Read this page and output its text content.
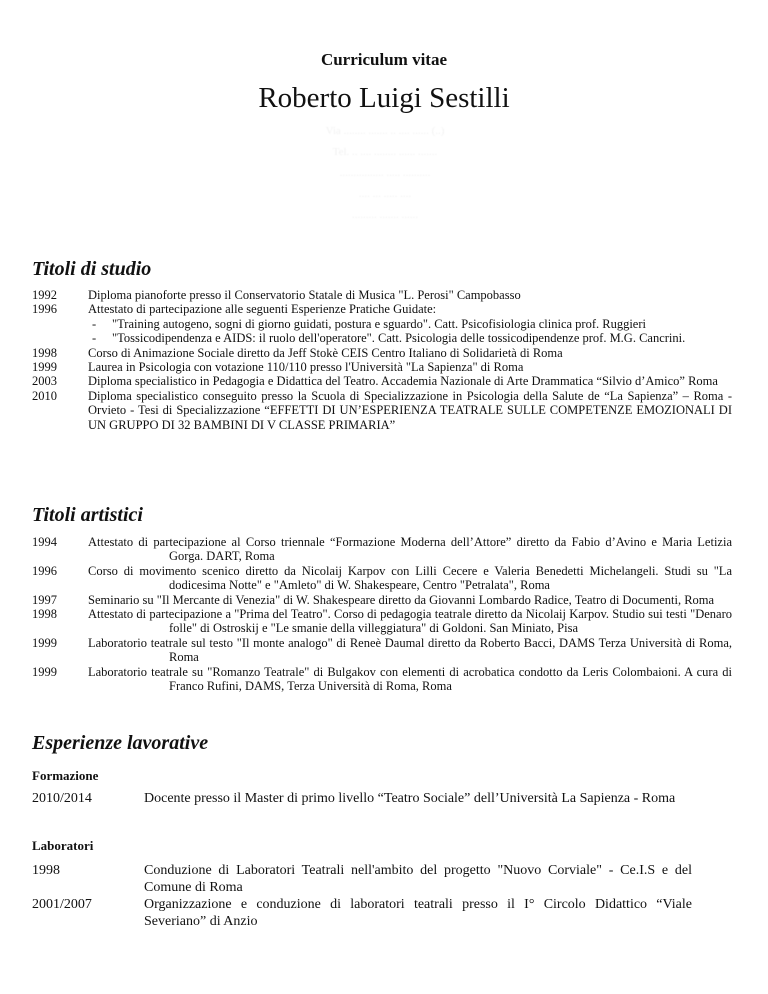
Curriculum vitae
Roberto Luigi Sestilli
Via ........ ....... .. .... ...... (..)
Tel. .. .... ........ ...... .......
................ ..... ..........
.... ... ..... ....
......... ....... ......
Titoli di studio
1992	Diploma pianoforte presso il Conservatorio Statale di Musica "L. Perosi" Campobasso
1996	Attestato di partecipazione alle seguenti Esperienze Pratiche Guidate:
-	"Training autogeno, sogni di giorno guidati, postura e sguardo". Catt. Psicofisiologia clinica prof. Ruggieri
-	"Tossicodipendenza e AIDS: il ruolo dell'operatore". Catt. Psicologia delle tossicodipendenze prof. M.G. Cancrini.
1998	Corso di Animazione Sociale diretto da Jeff Stokè CEIS Centro Italiano di Solidarietà di Roma
1999	Laurea in Psicologia con votazione 110/110 presso l'Università "La Sapienza" di Roma
2003	Diploma specialistico in Pedagogia e Didattica del Teatro. Accademia Nazionale di Arte Drammatica “Silvio d’Amico” Roma
2010	Diploma specialistico conseguito presso la Scuola di Specializzazione in Psicologia della Salute de “La Sapienza” – Roma - Orvieto - Tesi di Specializzazione “EFFETTI DI UN’ESPERIENZA TEATRALE SULLE COMPETENZE EMOZIONALI DI UN GRUPPO DI 32 BAMBINI DI V CLASSE PRIMARIA”
Titoli artistici
1994	Attestato di partecipazione al Corso triennale “Formazione Moderna dell’Attore” diretto da Fabio d’Avino e Maria Letizia Gorga. DART, Roma
1996	Corso di movimento scenico diretto da Nicolaij Karpov con Lilli Cecere e Valeria Benedetti Michelangeli. Studi su "La dodicesima Notte" e "Amleto" di W. Shakespeare, Centro "Petralata", Roma
1997	Seminario su "Il Mercante di Venezia" di W. Shakespeare diretto da Giovanni Lombardo Radice, Teatro di Documenti, Roma
1998	Attestato di partecipazione a "Prima del Teatro". Corso di pedagogia teatrale diretto da Nicolaij Karpov. Studio sui testi "Denaro folle" di Ostroskij e "Le smanie della villeggiatura" di Goldoni. San Miniato, Pisa
1999	Laboratorio teatrale sul testo "Il monte analogo" di Reneè Daumal diretto da Roberto Bacci, DAMS Terza Università di Roma, Roma
1999	Laboratorio teatrale su "Romanzo Teatrale" di Bulgakov con elementi di acrobatica condotto da Leris Colombaioni. A cura di Franco Rufini, DAMS, Terza Università di Roma, Roma
Esperienze lavorative
Formazione
2010/2014	Docente presso il Master di primo livello “Teatro Sociale” dell’Università La Sapienza - Roma
Laboratori
1998	Conduzione di Laboratori Teatrali nell'ambito del progetto "Nuovo Corviale" - Ce.I.S e del Comune di Roma
2001/2007	Organizzazione e conduzione di laboratori teatrali presso il I° Circolo Didattico “Viale Severiano” di Anzio
